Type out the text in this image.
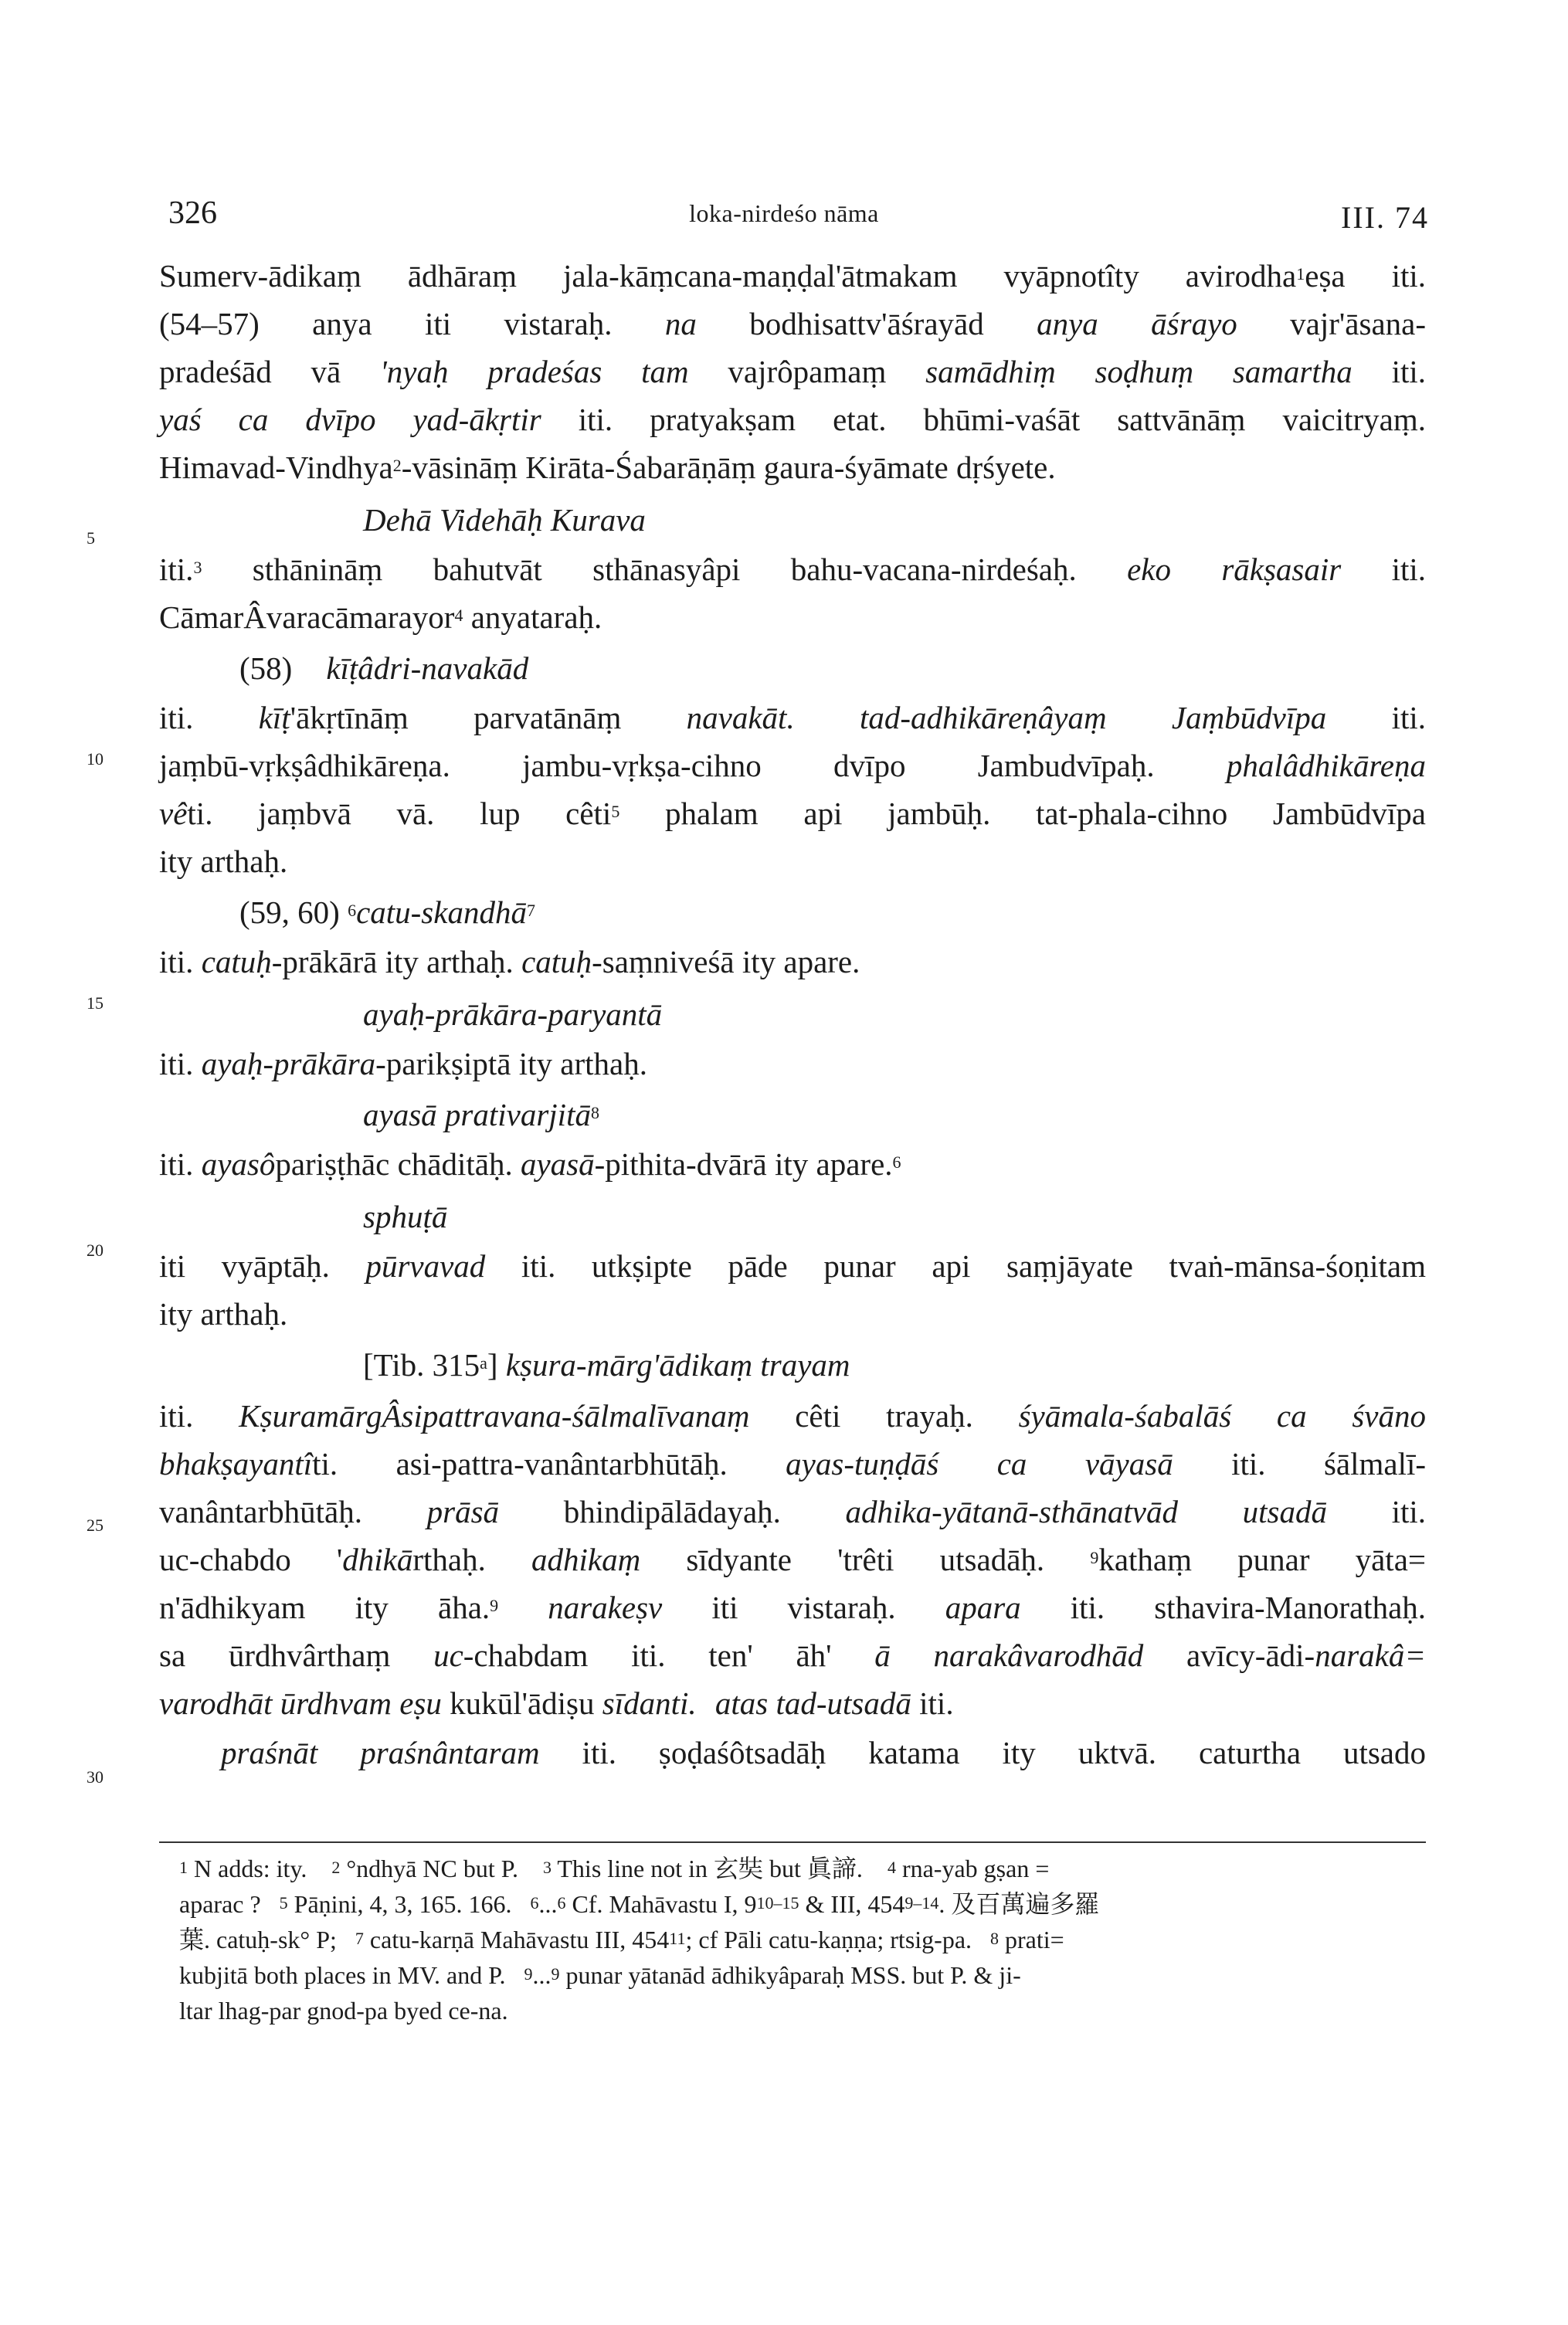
326	loka-nirdeśo nāma	III. 74
5
10
15
20
25
30
Sumerv-ādikaṃ ādhāraṃ jala-kāṃcana-maṇḍal'ātmakam vyāpnotîty avirodha$^1$eṣa iti.
(54–57) anya iti vistaraḥ. na bodhisattv'āśrayād anya āśrayo vajr'āsana-
pradeśād vā 'nyaḥ pradeśas tam vajrôpamaṃ samādhiṃ soḍhuṃ samartha iti.
yaś ca dvīpo yad-ākṛtir iti. pratyakṣam etat. bhūmi-vaśāt sattvānāṃ vaicitryaṃ.
Himavad-Vindhya$^2$-vāsināṃ Kirāta-Śabarāṇāṃ gaura-śyāmate dṛśyete.
Dehā Videhāḥ Kurava
iti.$^3$ sthānināṃ bahutvāt sthānasyâpi bahu-vacana-nirdeśaḥ. eko rākṣasair iti.
CāmarÂvaracāmarayor$^4$ anyataraḥ.
(58) kīṭâdri-navakād
iti. kīṭ'ākṛtīnāṃ parvatānāṃ navakāt. tad-adhikāreṇâyaṃ Jaṃbūdvīpa iti.
jaṃbū-vṛkṣâdhikāreṇa. jambu-vṛkṣa-cihno dvīpo Jambudvīpaḥ. phalâdhikāreṇa
vêti. jaṃbvā vā. lup cêti$^5$ phalam api jambūḥ. tat-phala-cihno Jambūdvīpa
ity arthaḥ.
(59, 60) $^6$catu-skandhā$^7$
iti. catuḥ-prākārā ity arthaḥ. catuḥ-saṃniveśā ity apare.
ayaḥ-prākāra-paryantā
iti. ayaḥ-prākāra-parikṣiptā ity arthaḥ.
ayasā prativarjitā$^8$
iti. ayasôpariṣṭhāc chāditāḥ. ayasā-pithita-dvārā ity apare.$^6$
sphuṭā
iti vyāptāḥ. pūrvavad iti. utkṣipte pāde punar api saṃjāyate tvaṅ-mānsa-śoṇitam
ity arthaḥ.
[Tib. 315$^a$] kṣura-mārg'ādikaṃ trayam
iti. KṣuramārgÂsipattravana-śālmalīvanaṃ cêti trayaḥ. śyāmala-śabalāś ca śvāno
bhakṣayantîti. asi-pattra-vanântarbhūtāḥ. ayas-tuṇḍāś ca vāyasā iti. śālmalī-
vanântarbhūtāḥ. prāsā bhindipālādayaḥ. adhika-yātanā-sthānatvād utsadā iti.
uc-chabdo 'dhikārthaḥ. adhikaṃ sīdyante 'trêti utsadāḥ.	$^9$kathaṃ punar yāta=
n'ādhikyam ity āha.$^9$ narakeṣv iti vistaraḥ. apara iti. sthavira-Manorathaḥ.
sa ūrdhvârthaṃ uc-chabdam iti. ten' āh' ā narakâvarodhād avīcy-ādi-narakâ=
varodhāt ūrdhvam eṣu kukūl'ādiṣu sīdanti. atas tad-utsadā iti.
praśnāt praśnântaram iti. ṣoḍaśôtsadāḥ katama ity uktvā. caturtha utsado
$^1$ N adds: ity. $^2$ °ndhyā NC but P. $^3$ This line not in 玄奘 but 眞諦. $^4$ rna-yab gṣan =
aparac ? $^5$ Pāṇini, 4, 3, 165. 166. $^6$...$^6$ Cf. Mahāvastu I, 9$^{10-15}$ & III, 454$^{9-14}$. 及百萬遍多羅
葉. catuḥ-sk° P; $^7$ catu-karṇā Mahāvastu III, $454^{11}$; cf Pāli catu-kaṇṇa; rtsig-pa. $^8$ prati=
kubjitā both places in MV. and P. $^9$...$^9$ punar yātanād ādhikyâparaḥ MSS. but P. & ji-
ltar lhag-par gnod-pa byed ce-na.
